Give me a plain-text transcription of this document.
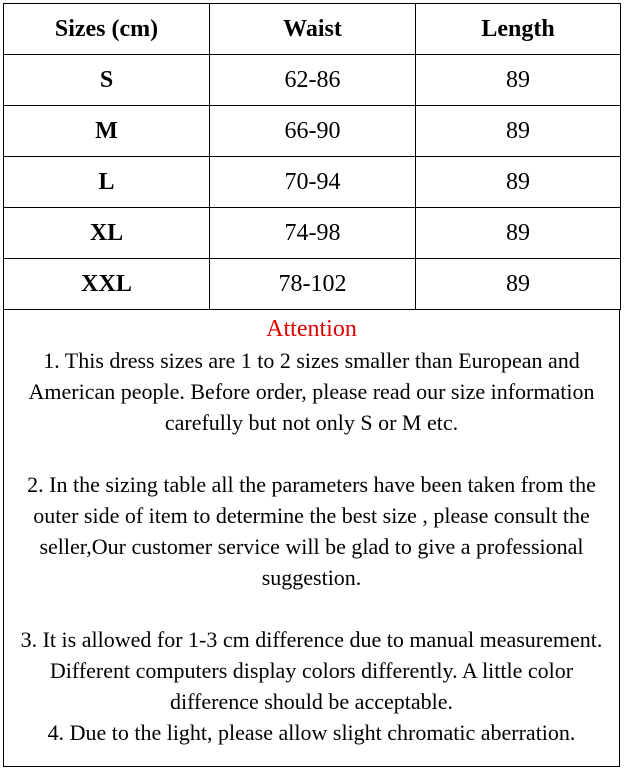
Sizes (cm)	Waist	Length
S	62-86	89
M	66-90	89
L	70-94	89
XL	74-98	89
XXL	78-102	89
Attention

1. This dress sizes are 1 to 2 sizes smaller than European and American people. Before order, please read our size information carefully but not only S or M etc.

2. In the sizing table all the parameters have been taken from the outer side of item to determine the best size , please consult the seller,Our customer service will be glad to give a professional suggestion.

3. It is allowed for 1-3 cm difference due to manual measurement. Different computers display colors differently. A little color difference should be acceptable.

4. Due to the light, please allow slight chromatic aberration.
